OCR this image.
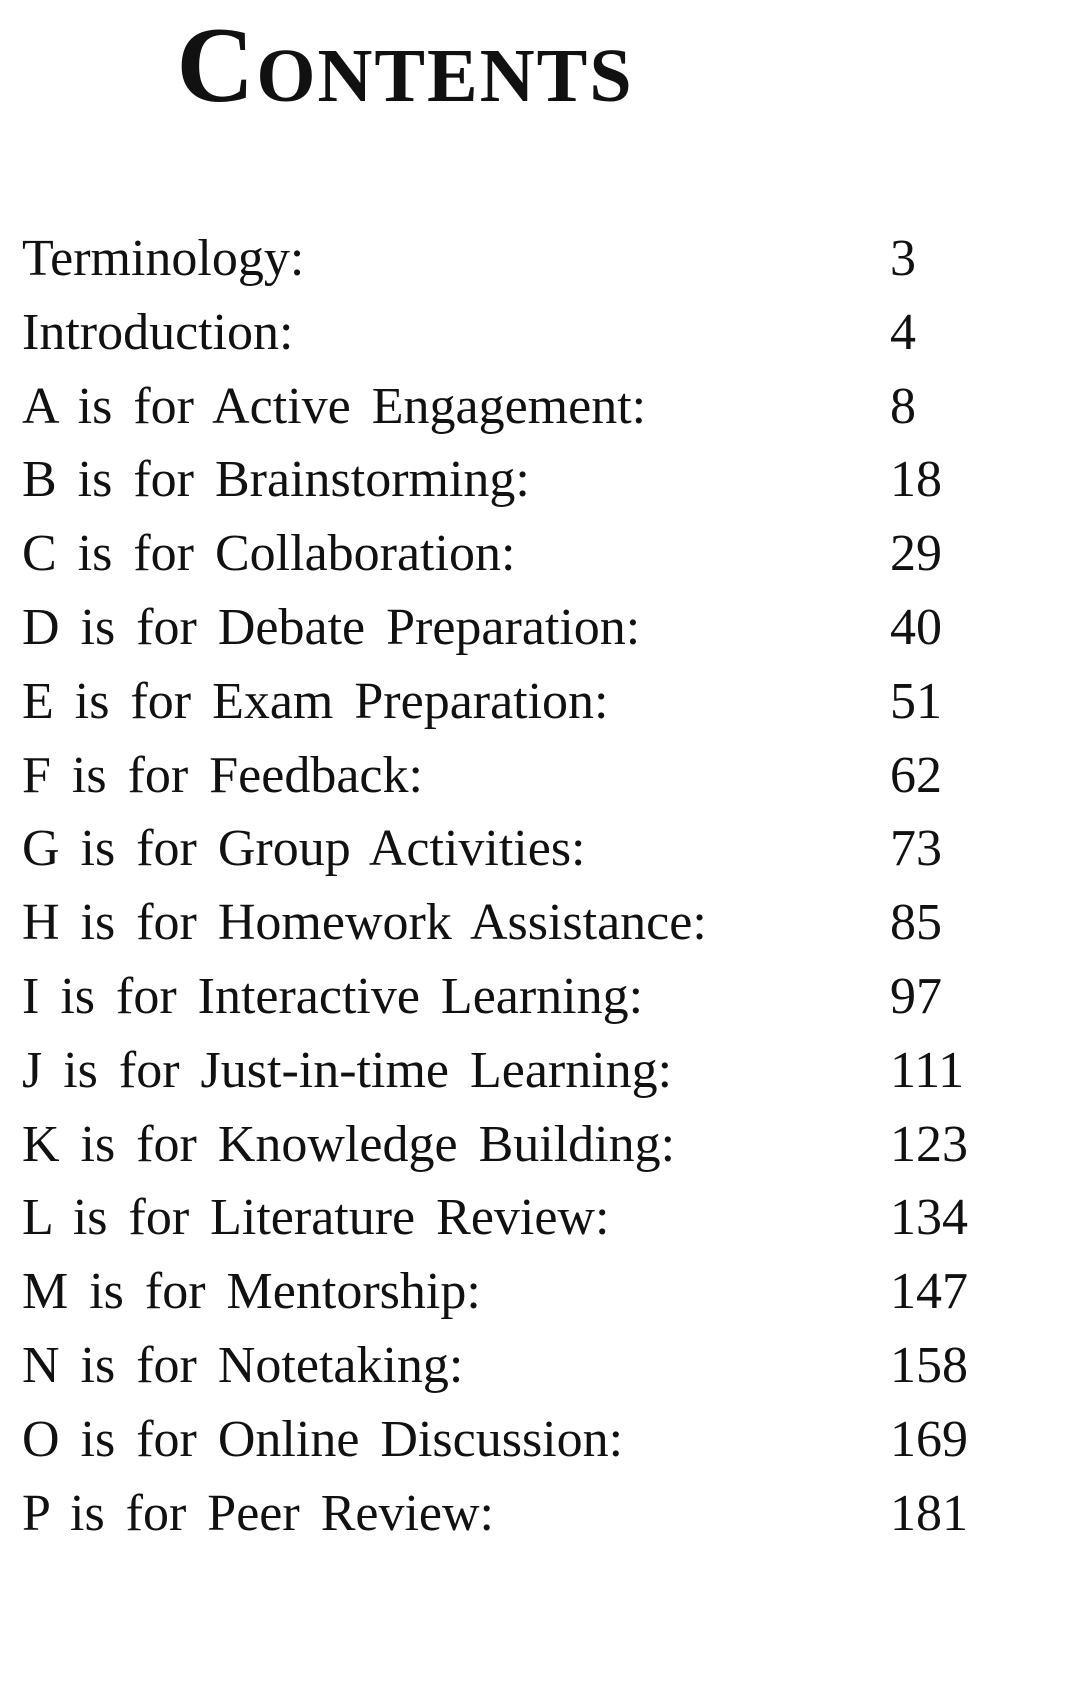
Contents
Terminology:	3
Introduction:	4
A is for Active Engagement:	8
B is for Brainstorming:	18
C is for Collaboration:	29
D is for Debate Preparation:	40
E is for Exam Preparation:	51
F is for Feedback:	62
G is for Group Activities:	73
H is for Homework Assistance:	85
I is for Interactive Learning:	97
J is for Just-in-time Learning:	111
K is for Knowledge Building:	123
L is for Literature Review:	134
M is for Mentorship:	147
N is for Notetaking:	158
O is for Online Discussion:	169
P is for Peer Review:	181
